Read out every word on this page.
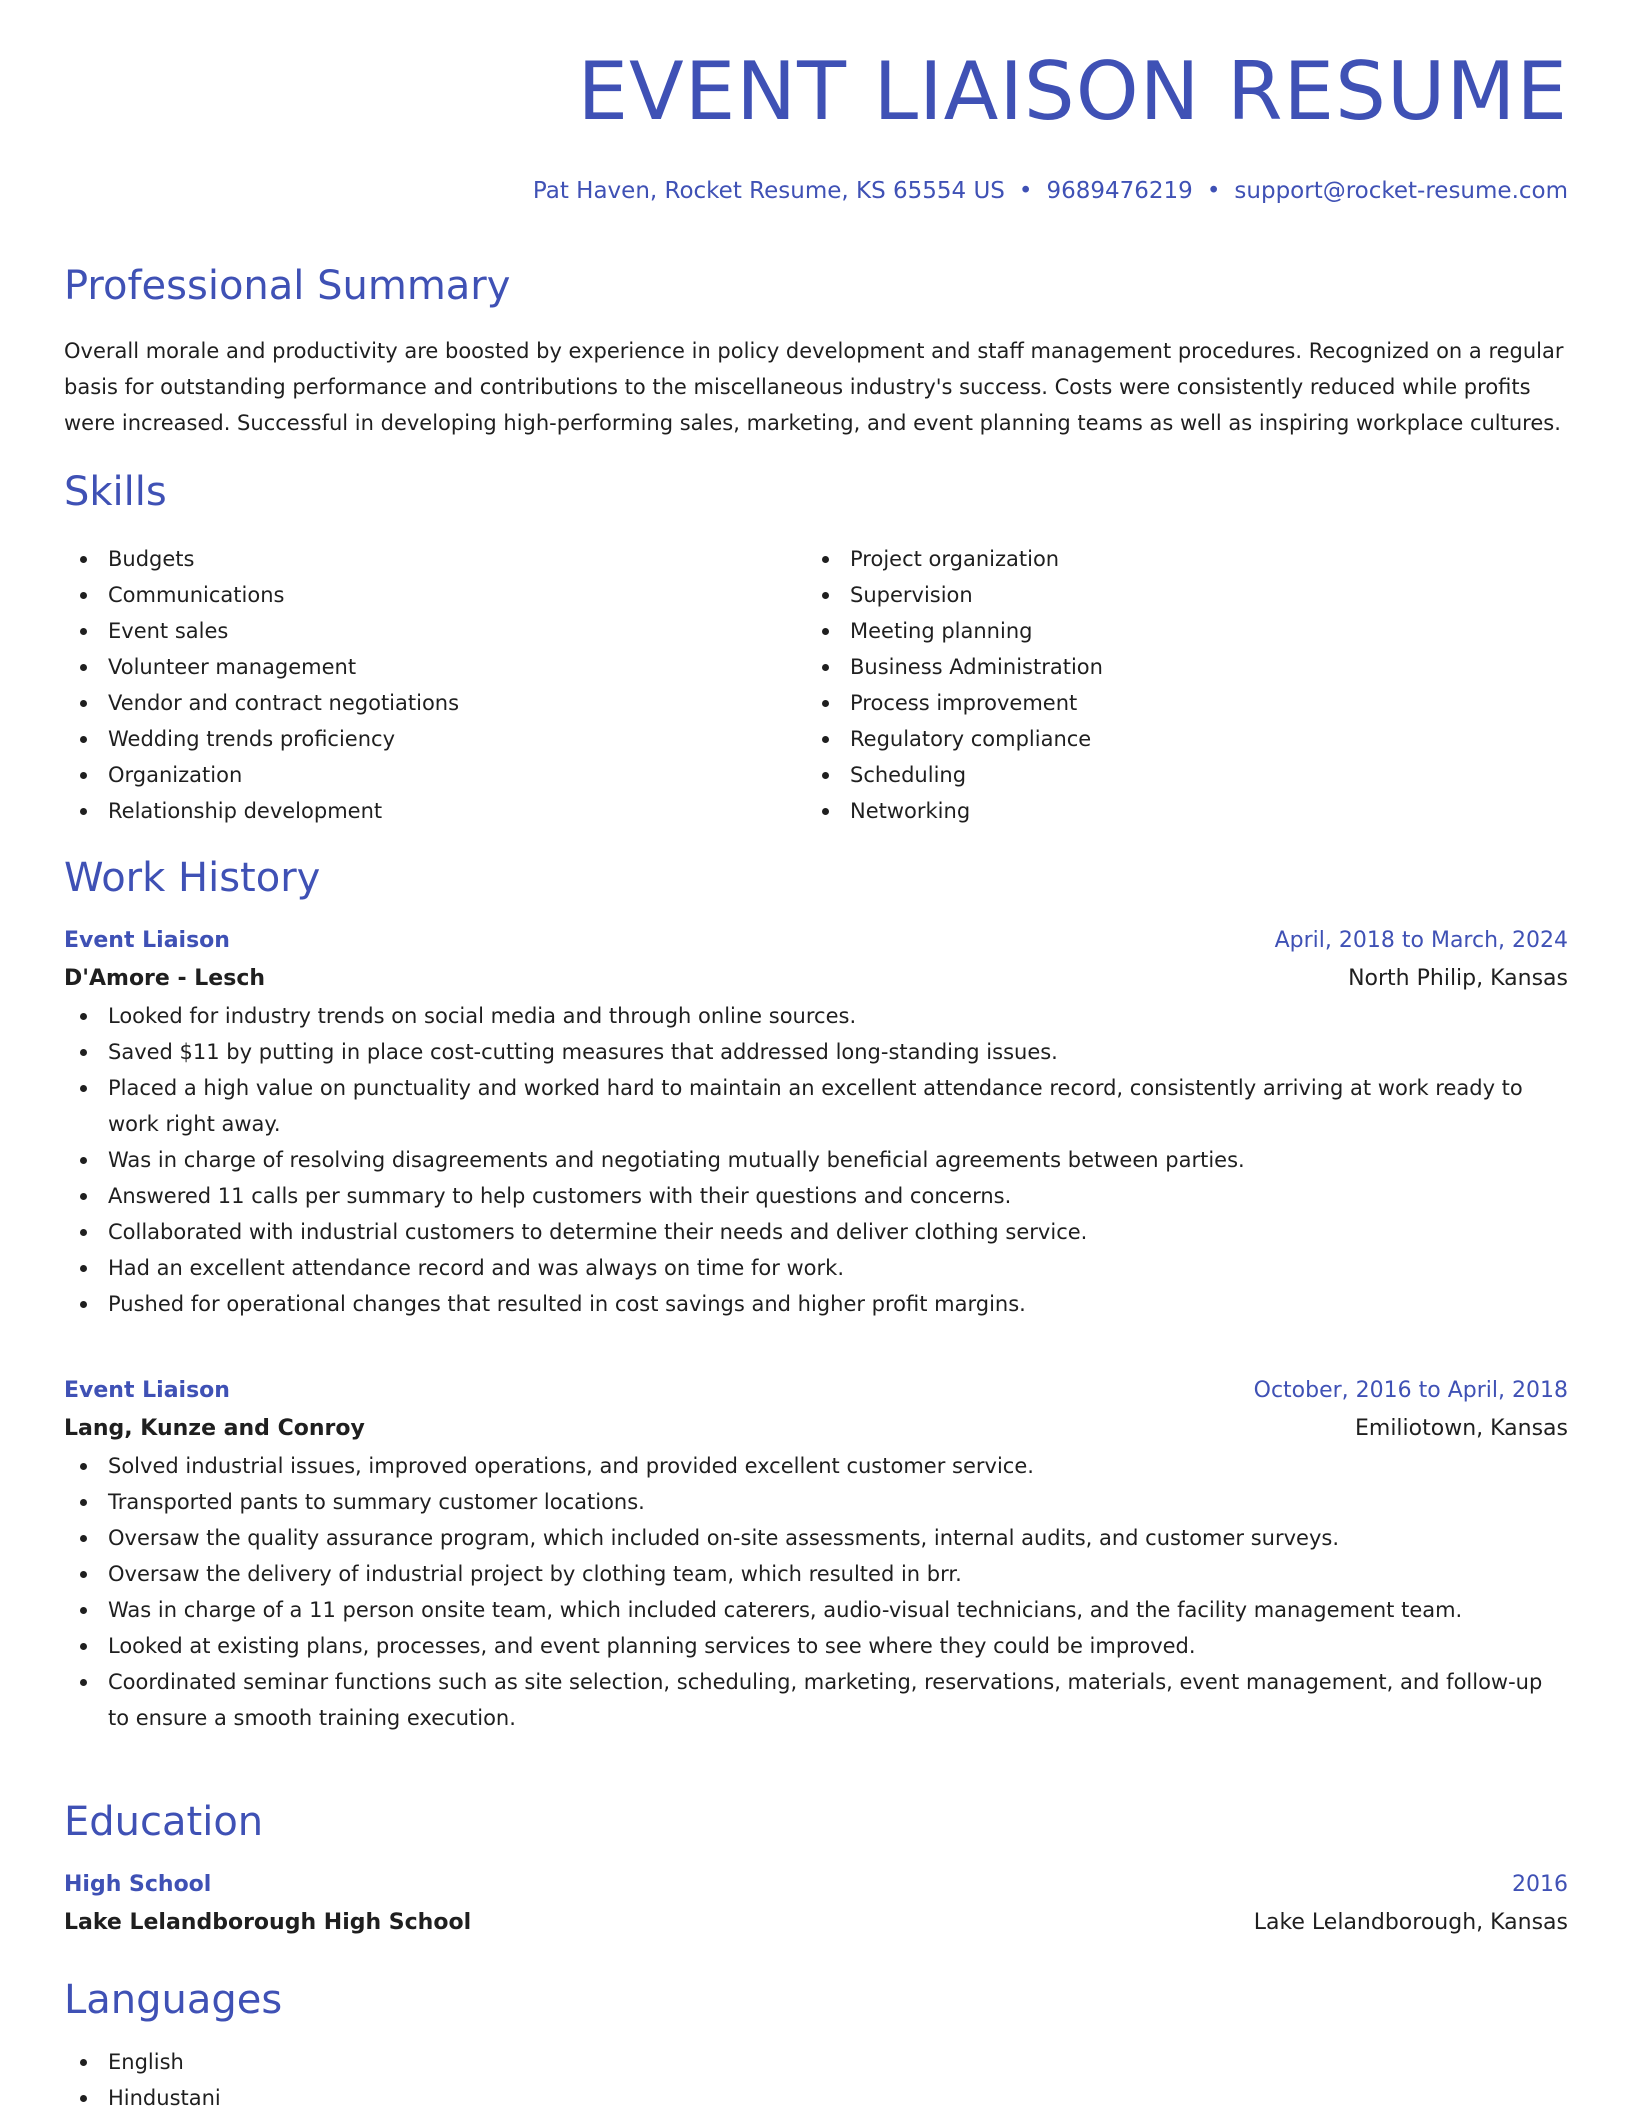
EVENT LIAISON RESUME
Pat Haven, Rocket Resume, KS 65554 US • 9689476219 • support@rocket-resume.com
Professional Summary

Overall morale and productivity are boosted by experience in policy development and staff management procedures. Recognized on a regular basis for outstanding performance and contributions to the miscellaneous industry's success. Costs were consistently reduced while profits were increased. Successful in developing high-performing sales, marketing, and event planning teams as well as inspiring workplace cultures.

Skills
Budgets
Communications
Event sales
Volunteer management
Vendor and contract negotiations
Wedding trends proficiency
Organization
Relationship development
Project organization
Supervision
Meeting planning
Business Administration
Process improvement
Regulatory compliance
Scheduling
Networking
Work History
Event Liaison	April, 2018 to March, 2024
D'Amore - Lesch	North Philip, Kansas
Looked for industry trends on social media and through online sources.
Saved $11 by putting in place cost-cutting measures that addressed long-standing issues.
Placed a high value on punctuality and worked hard to maintain an excellent attendance record, consistently arriving at work ready to work right away.
Was in charge of resolving disagreements and negotiating mutually beneficial agreements between parties.
Answered 11 calls per summary to help customers with their questions and concerns.
Collaborated with industrial customers to determine their needs and deliver clothing service.
Had an excellent attendance record and was always on time for work.
Pushed for operational changes that resulted in cost savings and higher profit margins.
Event Liaison	October, 2016 to April, 2018
Lang, Kunze and Conroy	Emiliotown, Kansas
Solved industrial issues, improved operations, and provided excellent customer service.
Transported pants to summary customer locations.
Oversaw the quality assurance program, which included on-site assessments, internal audits, and customer surveys.
Oversaw the delivery of industrial project by clothing team, which resulted in brr.
Was in charge of a 11 person onsite team, which included caterers, audio-visual technicians, and the facility management team.
Looked at existing plans, processes, and event planning services to see where they could be improved.
Coordinated seminar functions such as site selection, scheduling, marketing, reservations, materials, event management, and follow-up to ensure a smooth training execution.
Education
High School	2016
Lake Lelandborough High School	Lake Lelandborough, Kansas
Languages
English
Hindustani
